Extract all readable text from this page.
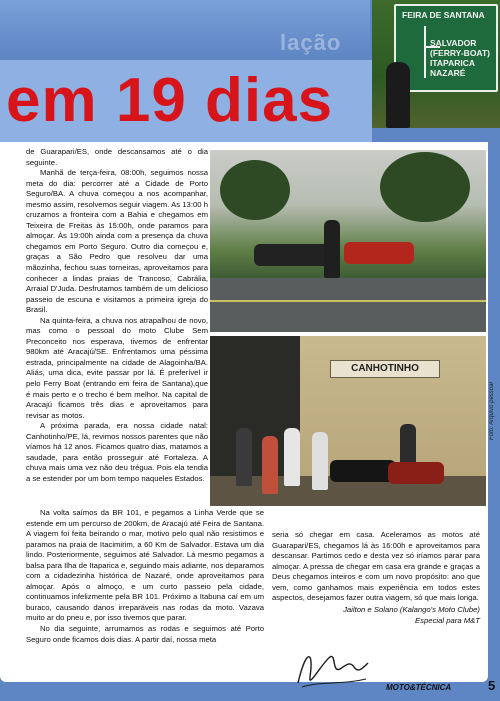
lação
em 19 dias
FEIRA DE SANTANA
SALVADOR
(FERRY-BOAT)
ITAPARICA
NAZARÉ

de Guarapari/ES, onde descansamos até o dia seguinte.

Manhã de terça-feira, 08:00h, seguimos nossa meta do dia: percorrer até a Cidade de Porto Seguro/BA. A chuva começou a nos acompanhar, mesmo assim, resolvemos seguir viagem. As 13:00 h cruzamos a fronteira com a Bahia e chegamos em Teixeira de Freitas às 15:00h, onde paramos para almoçar. Às 19:00h ainda com a presença da chuva chegamos em Porto Seguro. Outro dia começou e, graças a São Pedro que resolveu dar uma mãozinha, fechou suas torneiras, aproveitamos para conhecer a lindas praias de Trancoso, Cabrália, Arraial D'Juda. Desfrutamos também de um delicioso passeio de escuna e visitamos a primeira igreja do Brasil.

Na quinta-feira, a chuva nos atrapalhou de novo, mas como o pessoal do moto Clube Sem Preconceito nos esperava, tivemos de enfrentar 980km até Aracajú/SE. Enfrentamos uma péssima estrada, principalmente na cidade de Alagoinha/BA. Aliás, uma dica, evite passar por lá. É preferível ir pelo Ferry Boat (entrando em feira de Santana),que é mais perto e o trecho é bem melhor. Na capital de Aracajú ficamos três dias e aproveitamos para revisar as motos.

A próxima parada, era nossa cidade natal: Canhotinho/PE, lá, revimos nossos parentes que não víamos há 12 anos. Ficamos quatro dias, matamos a saudade, para então prosseguir até Fortaleza. A chuva mais uma vez não deu trégua. Pois ela tendia a se estender por um bom tempo naqueles Estados.

CANHOTINHO
Foto: Arquivo pessoal

Na volta saímos da BR 101, e pegamos a Linha Verde que se estende em um percurso de 200km, de Aracajú até Feira de Santana. A viagem foi feita beirando o mar, motivo pelo qual não resistimos e paramos na praia de Itacimirim, a 60 Km de Salvador. Estava um dia lindo. Posteriormente, seguimos até Salvador. Lá mesmo pegamos a balsa para Ilha de Itaparica e, seguindo mais adiante, nos deparamos com a cidadezinha histórica de Nazaré, onde aproveitamos para almoçar. Após o almoço, e um curto passeio pela cidade, continuamos infelizmente pela BR 101. Próximo a Itabuna caí em um buraco, causando danos irreparáveis nas rodas da moto. Vazava muito ar do pneu e, por isso tivemos que parar.

No dia seguinte, arrumamos as rodas e seguimos até Porto Seguro onde ficamos dois dias. A partir daí, nossa meta

seria só chegar em casa. Aceleramos as motos até Guarapari/ES, chegamos lá às 16:00h e aproveitamos para descansar. Partimos cedo e desta vez só iríamos parar para almoçar. A pressa de chegar em casa era grande e graças a Deus chegamos inteiros e com um novo propósito: ano que vem, como ganhamos mais experiência em todos estes aspectos, desejamos fazer outra viagem, só que mais longa.

Jailton e Solano (Kalango's Moto Clube)
Especial para M&T
MOTO&TÉCNICA	5
